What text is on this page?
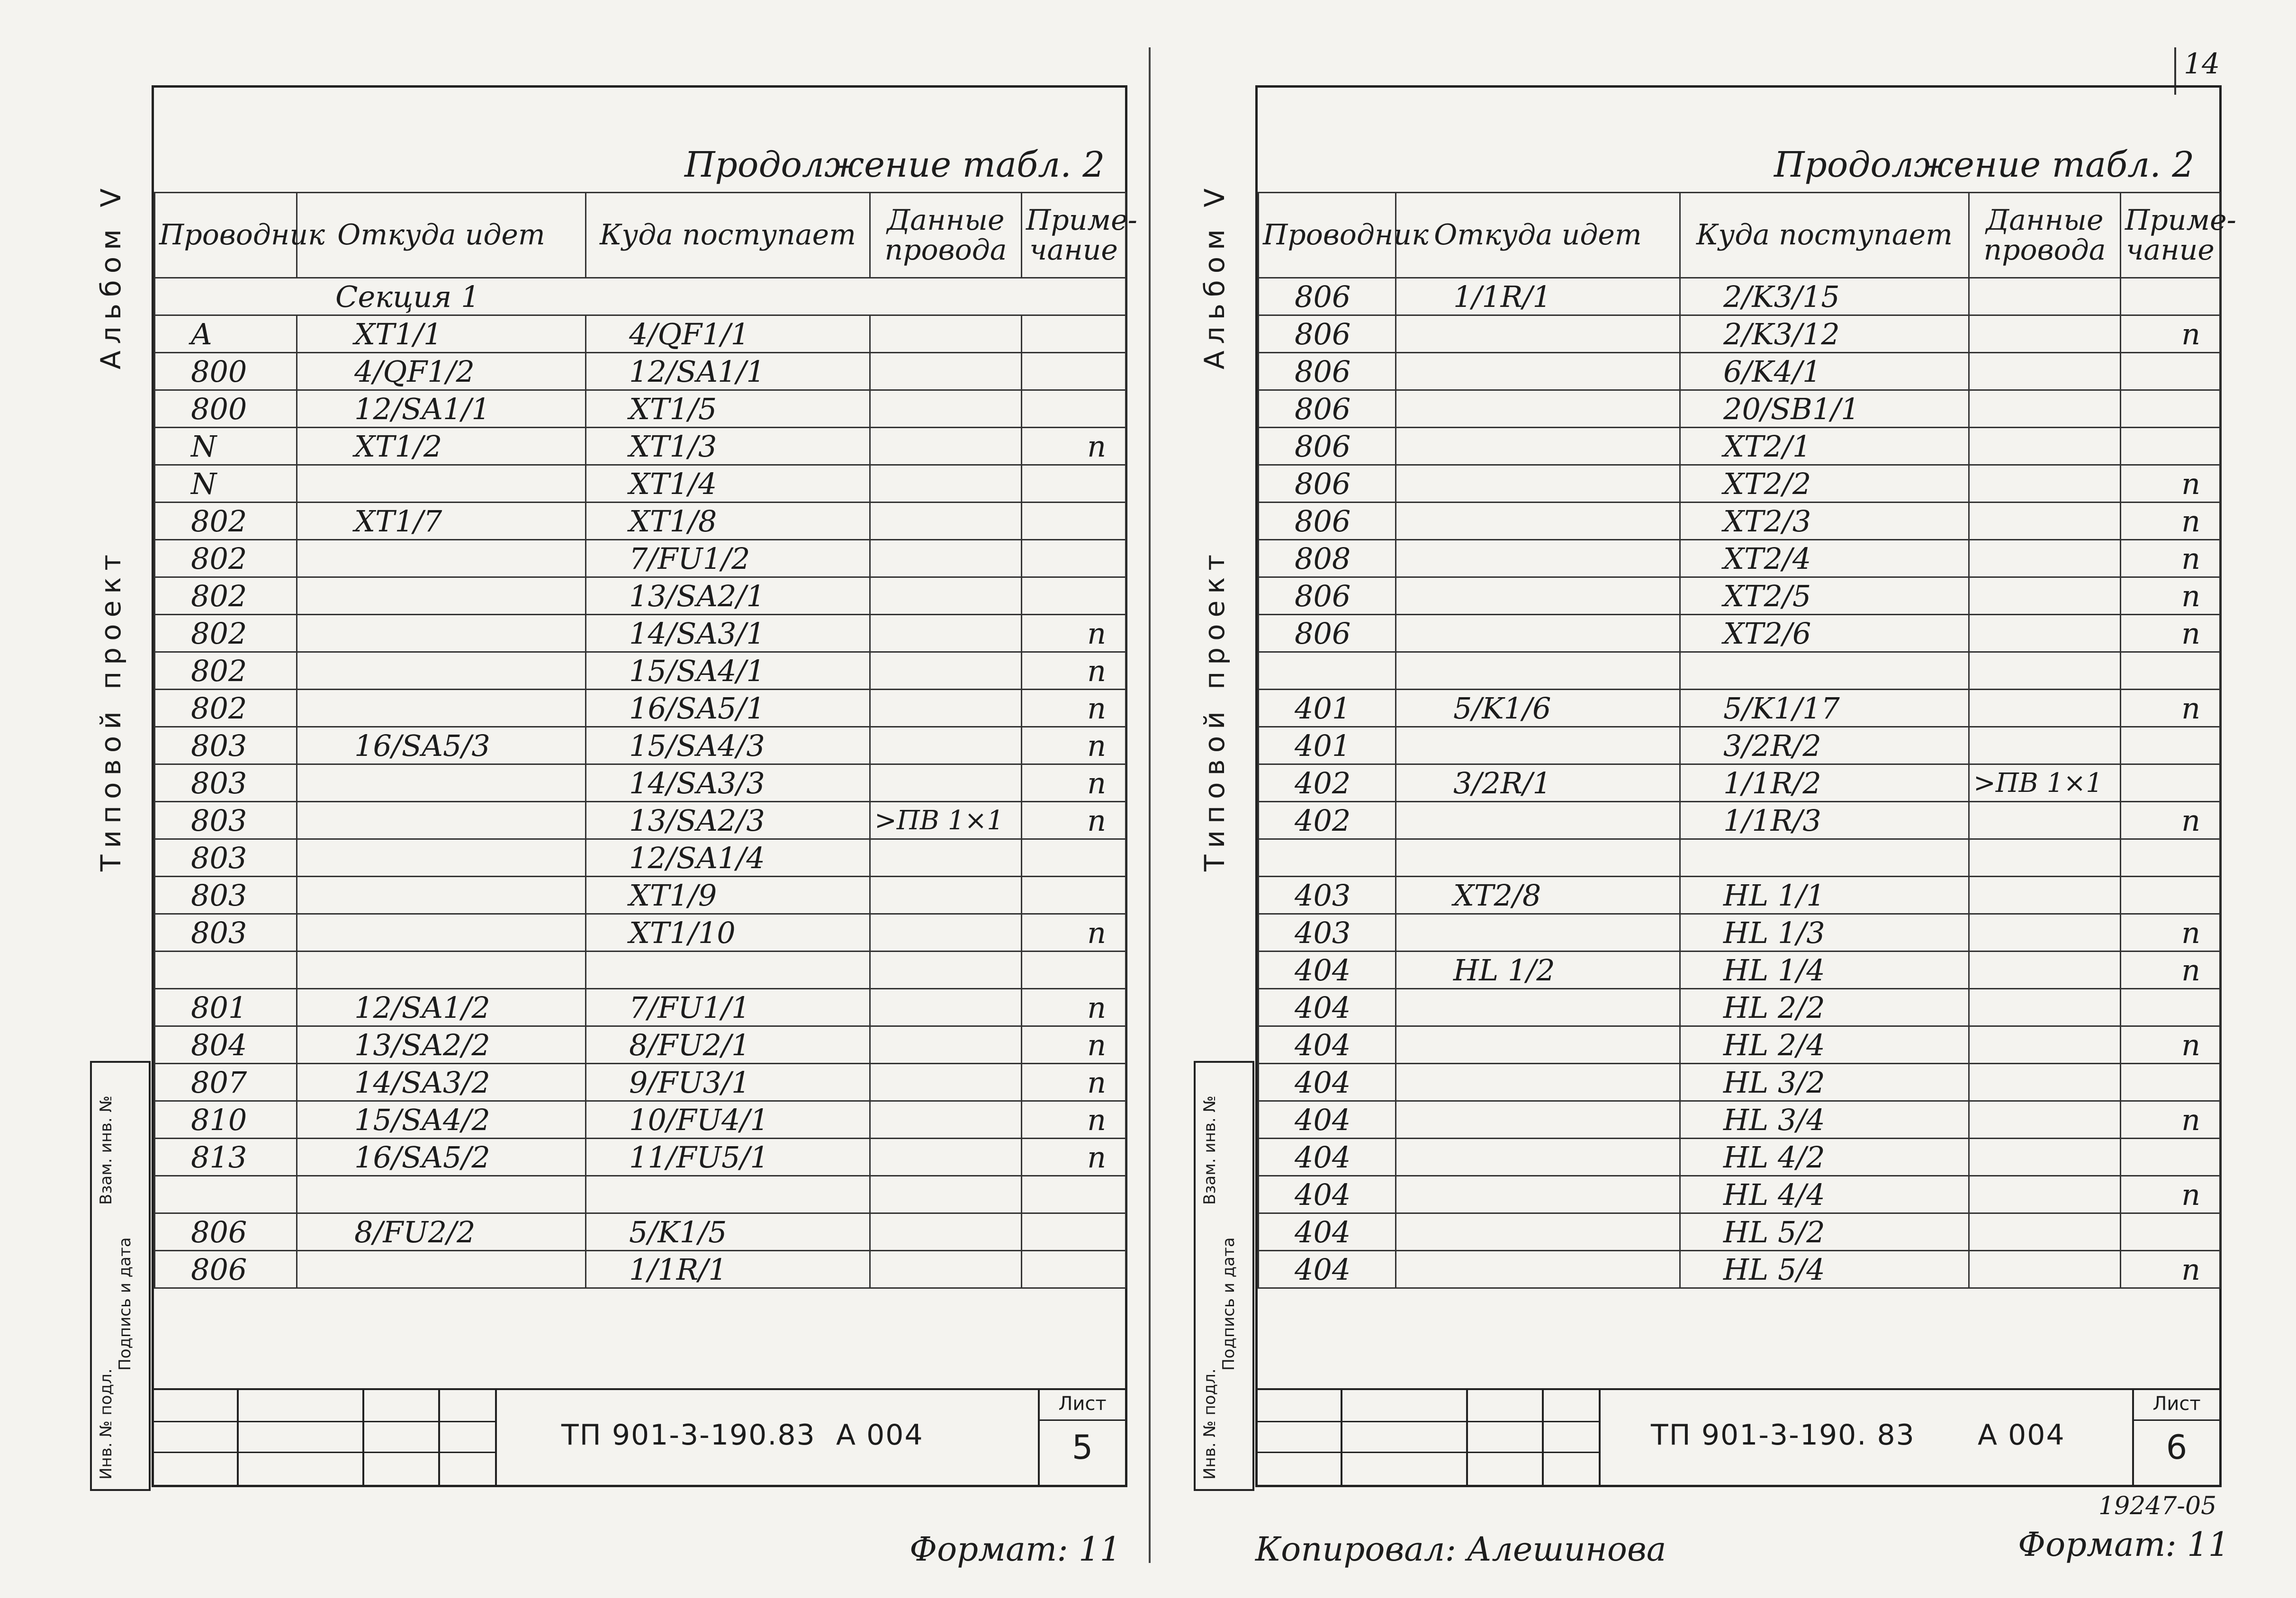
14
Альбом V
Типовой проект
Инв. № подл.
Подпись и дата
Взам. инв. №
Альбом V
Типовой проект
Инв. № подл.
Подпись и дата
Взам. инв. №
Продолжение табл. 2
Проводник	Откуда идет	Куда поступает	Данные провода	Приме-чание
Секция 1				
A	XT1/1	4/QF1/1		
800	4/QF1/2	12/SA1/1		
800	12/SA1/1	XT1/5		
N	XT1/2	XT1/3		п
N		XT1/4		
802	XT1/7	XT1/8		
802		7/FU1/2		
802		13/SA2/1		
802		14/SA3/1		п
802		15/SA4/1		п
802		16/SA5/1		п
803	16/SA5/3	15/SA4/3		п
803		14/SA3/3		п
803		13/SA2/3	>ПВ 1×1	п
803		12/SA1/4		
803		XT1/9		
803		XT1/10		п

801	12/SA1/2	7/FU1/1		п
804	13/SA2/2	8/FU2/1		п
807	14/SA3/2	9/FU3/1		п
810	15/SA4/2	10/FU4/1		п
813	16/SA5/2	11/FU5/1		п

806	8/FU2/2	5/K1/5		
806		1/1R/1		
ТП 901-3-190.83 А 004
Лист
5
Продолжение табл. 2
Проводник	Откуда идет	Куда поступает	Данные провода	Приме-чание
806	1/1R/1	2/K3/15		
806		2/K3/12		п
806		6/K4/1		
806		20/SB1/1		
806		XT2/1		
806		XT2/2		п
806		XT2/3		п
808		XT2/4		п
806		XT2/5		п
806		XT2/6		п

401	5/K1/6	5/K1/17		п
401		3/2R/2		
402	3/2R/1	1/1R/2	>ПВ 1×1	
402		1/1R/3		п

403	XT2/8	HL 1/1		
403		HL 1/3		п
404	HL 1/2	HL 1/4		п
404		HL 2/2		
404		HL 2/4		п
404		HL 3/2		
404		HL 3/4		п
404		HL 4/2		
404		HL 4/4		п
404		HL 5/2		
404		HL 5/4		п
ТП 901-3-190. 83 А 004
Лист
6
19247-05
Формат: 11	Копировал: Алешинова	Формат: 11
